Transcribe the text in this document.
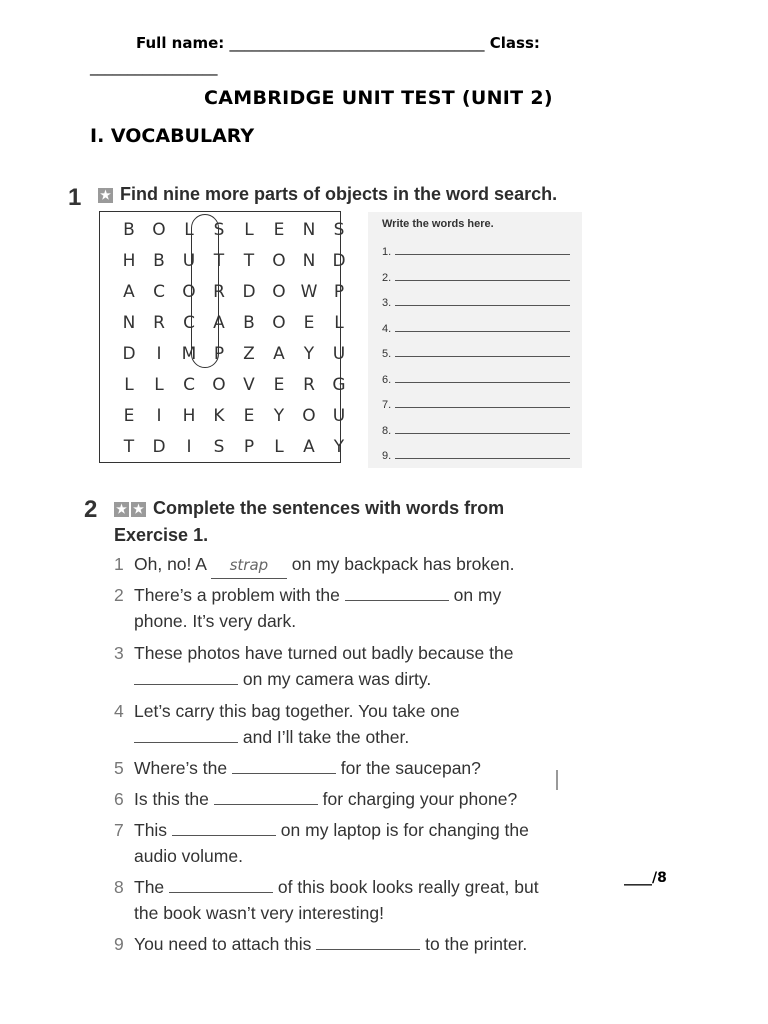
Full name: __________________________________ Class:
_________________
CAMBRIDGE UNIT TEST (UNIT 2)
I. VOCABULARY
1 ★ Find nine more parts of objects in the word search.
B	O	L	S	L	E	N	S
H	B	U	T	T	O N	D
A	C	O	R	D O W P
N	R	C	A	B	O	E	L
D	I	M	P	Z	A	Y	U
L	L	C	O	V	E	R	G
E	I	H	K	E	Y	O	U
T	D	I	S	P	L	A	Y
Write the words here.
1.
2.
3.
4.
5.
6.
7.
8.
9.
2 ★ ★ Complete the sentences with words from
Exercise 1.
1 Oh, no! A strap on my backpack has broken.
2 There’s a problem with the	on my
phone. It’s very dark.
3 These photos have turned out badly because the
on my camera was dirty.
4 Let’s carry this bag together. You take one
and I’ll take the other.
5 Where’s the	for the saucepan?
6 Is this the	for charging your phone?
7 This	on my laptop is for changing the
audio volume.
8 The	of this book looks really great, but
the book wasn’t very interesting!
9 You need to attach this	to the printer.
____/8
